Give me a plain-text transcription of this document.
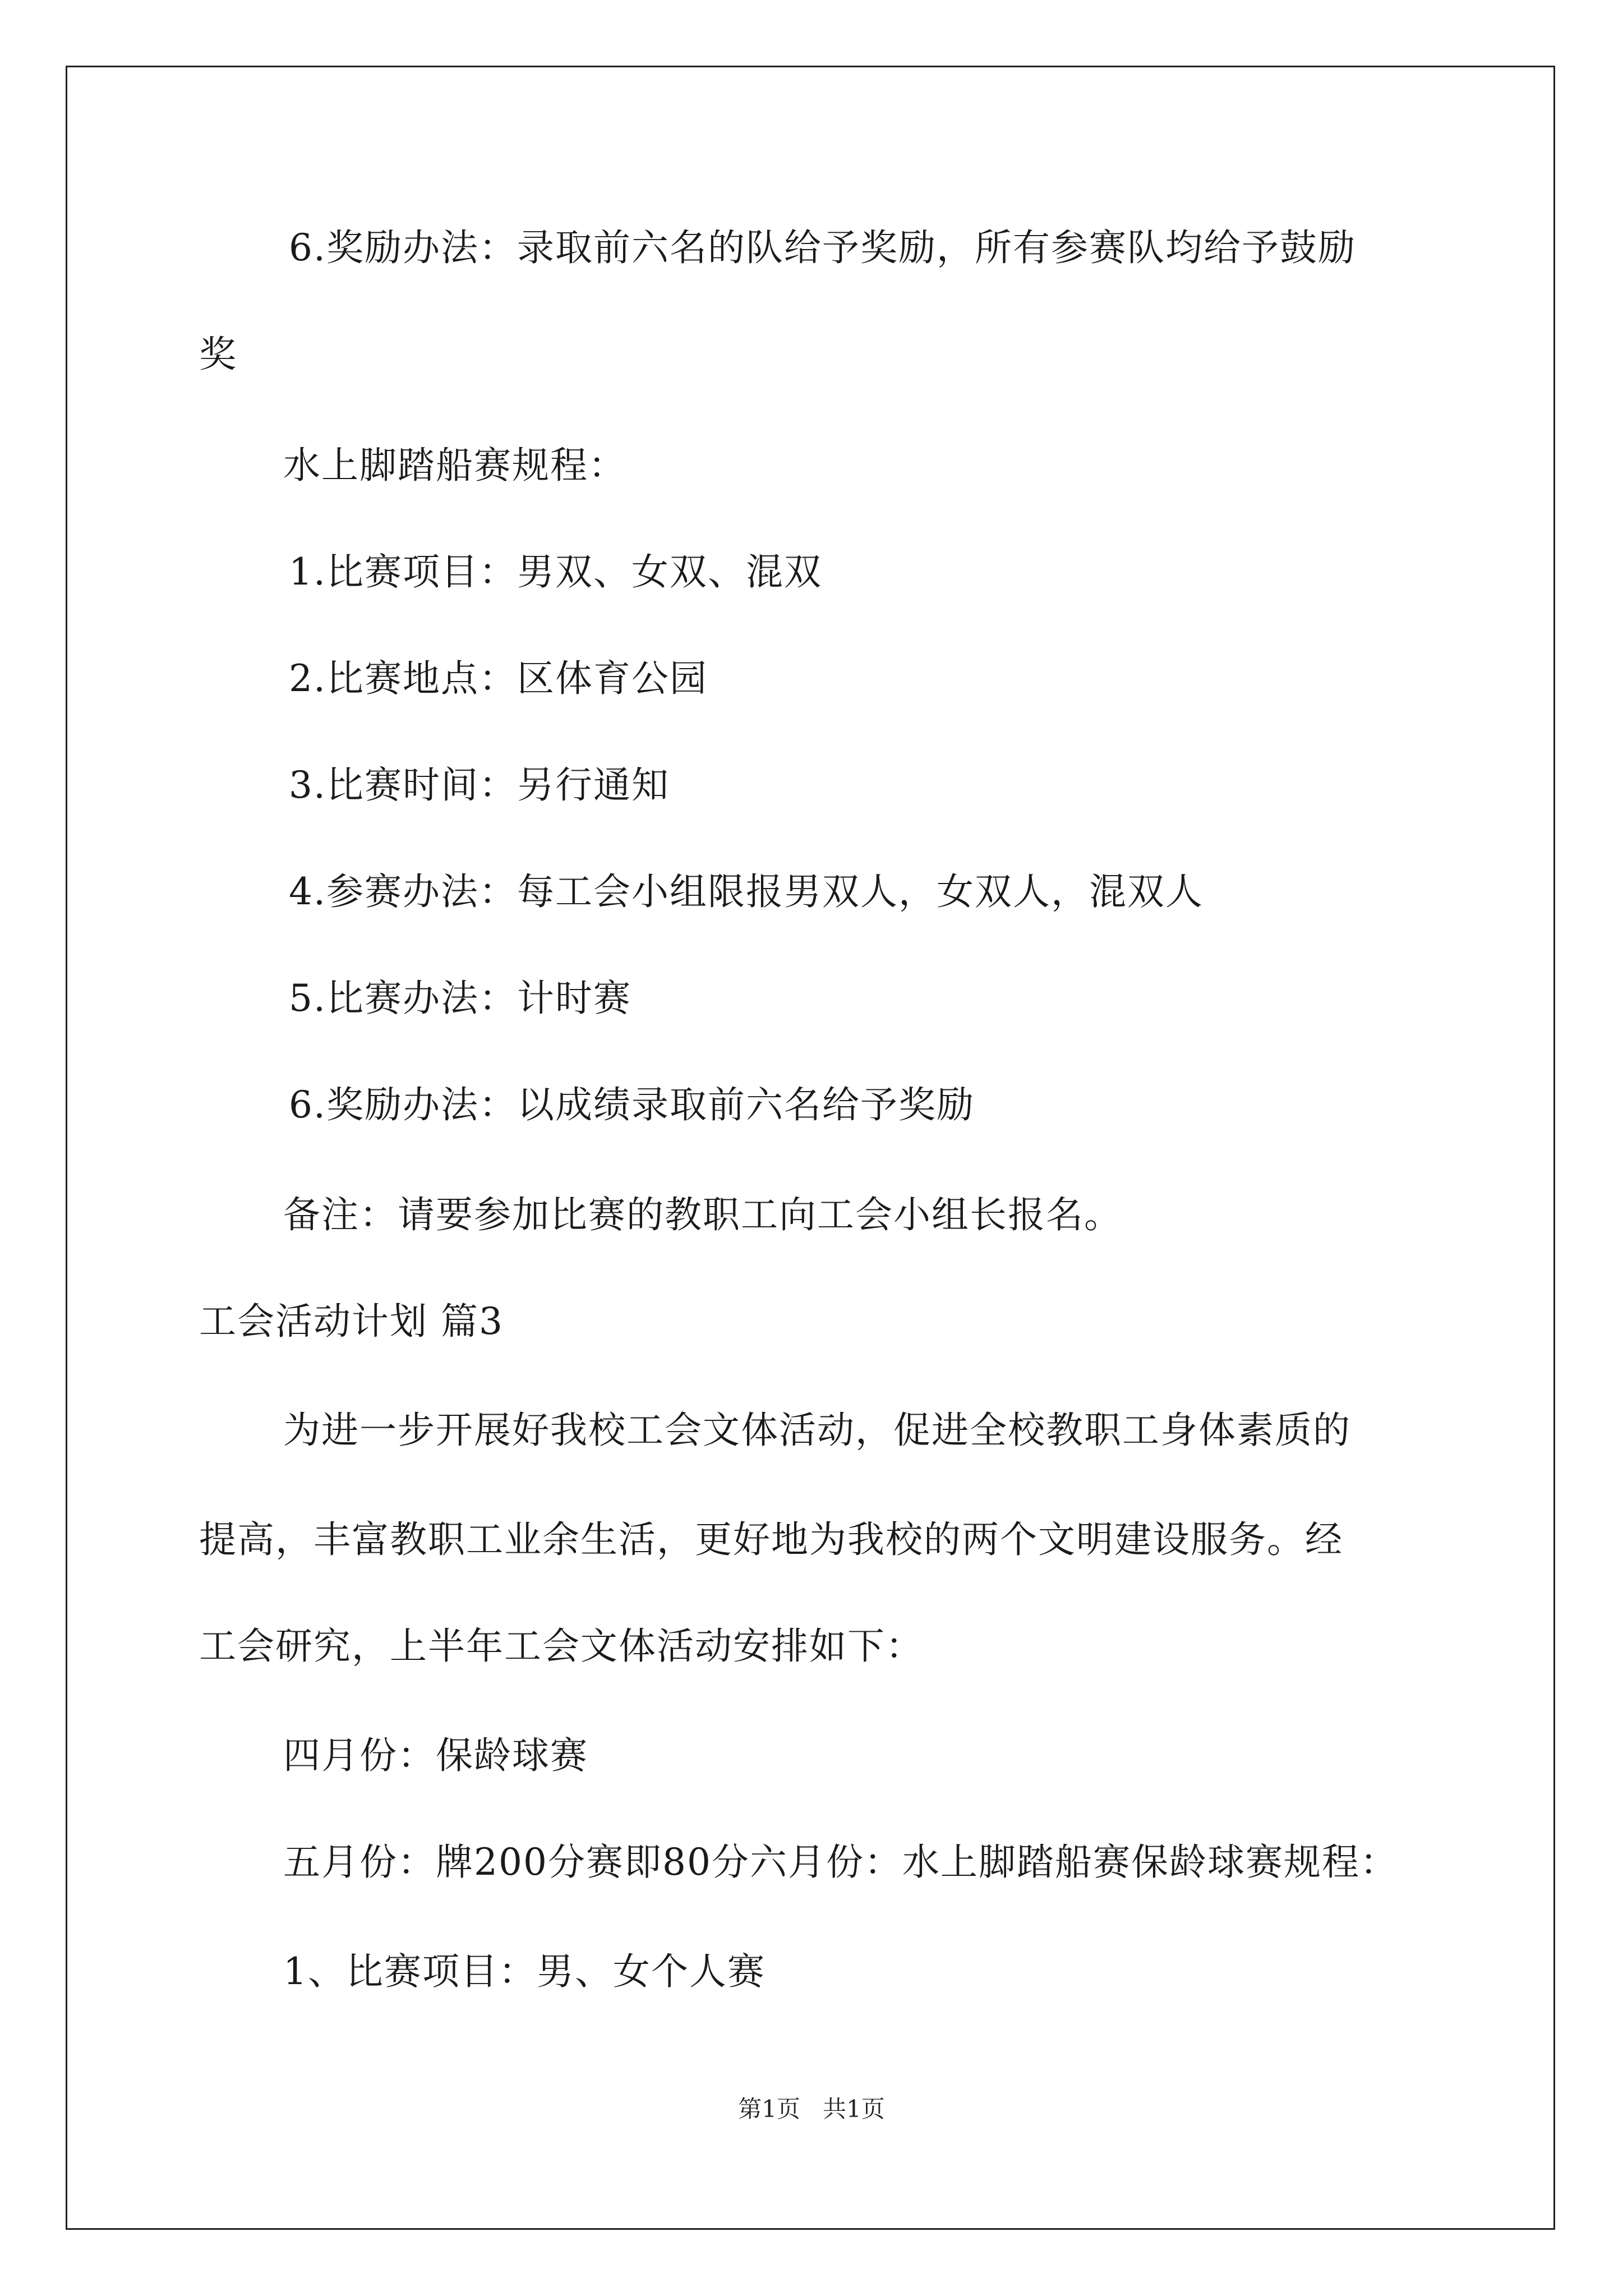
6.奖励办法：录取前六名的队给予奖励，所有参赛队均给予鼓励
奖
水上脚踏船赛规程：
1.比赛项目：男双、女双、混双
2.比赛地点：区体育公园
3.比赛时间：另行通知
4.参赛办法：每工会小组限报男双人，女双人，混双人
5.比赛办法：计时赛
6.奖励办法：以成绩录取前六名给予奖励
备注：请要参加比赛的教职工向工会小组长报名。
工会活动计划 篇3
为进一步开展好我校工会文体活动，促进全校教职工身体素质的
提高，丰富教职工业余生活，更好地为我校的两个文明建设服务。经
工会研究，上半年工会文体活动安排如下：
四月份：保龄球赛
五月份：牌200分赛即80分六月份：水上脚踏船赛保龄球赛规程：
1、比赛项目：男、女个人赛
第1页   共1页
